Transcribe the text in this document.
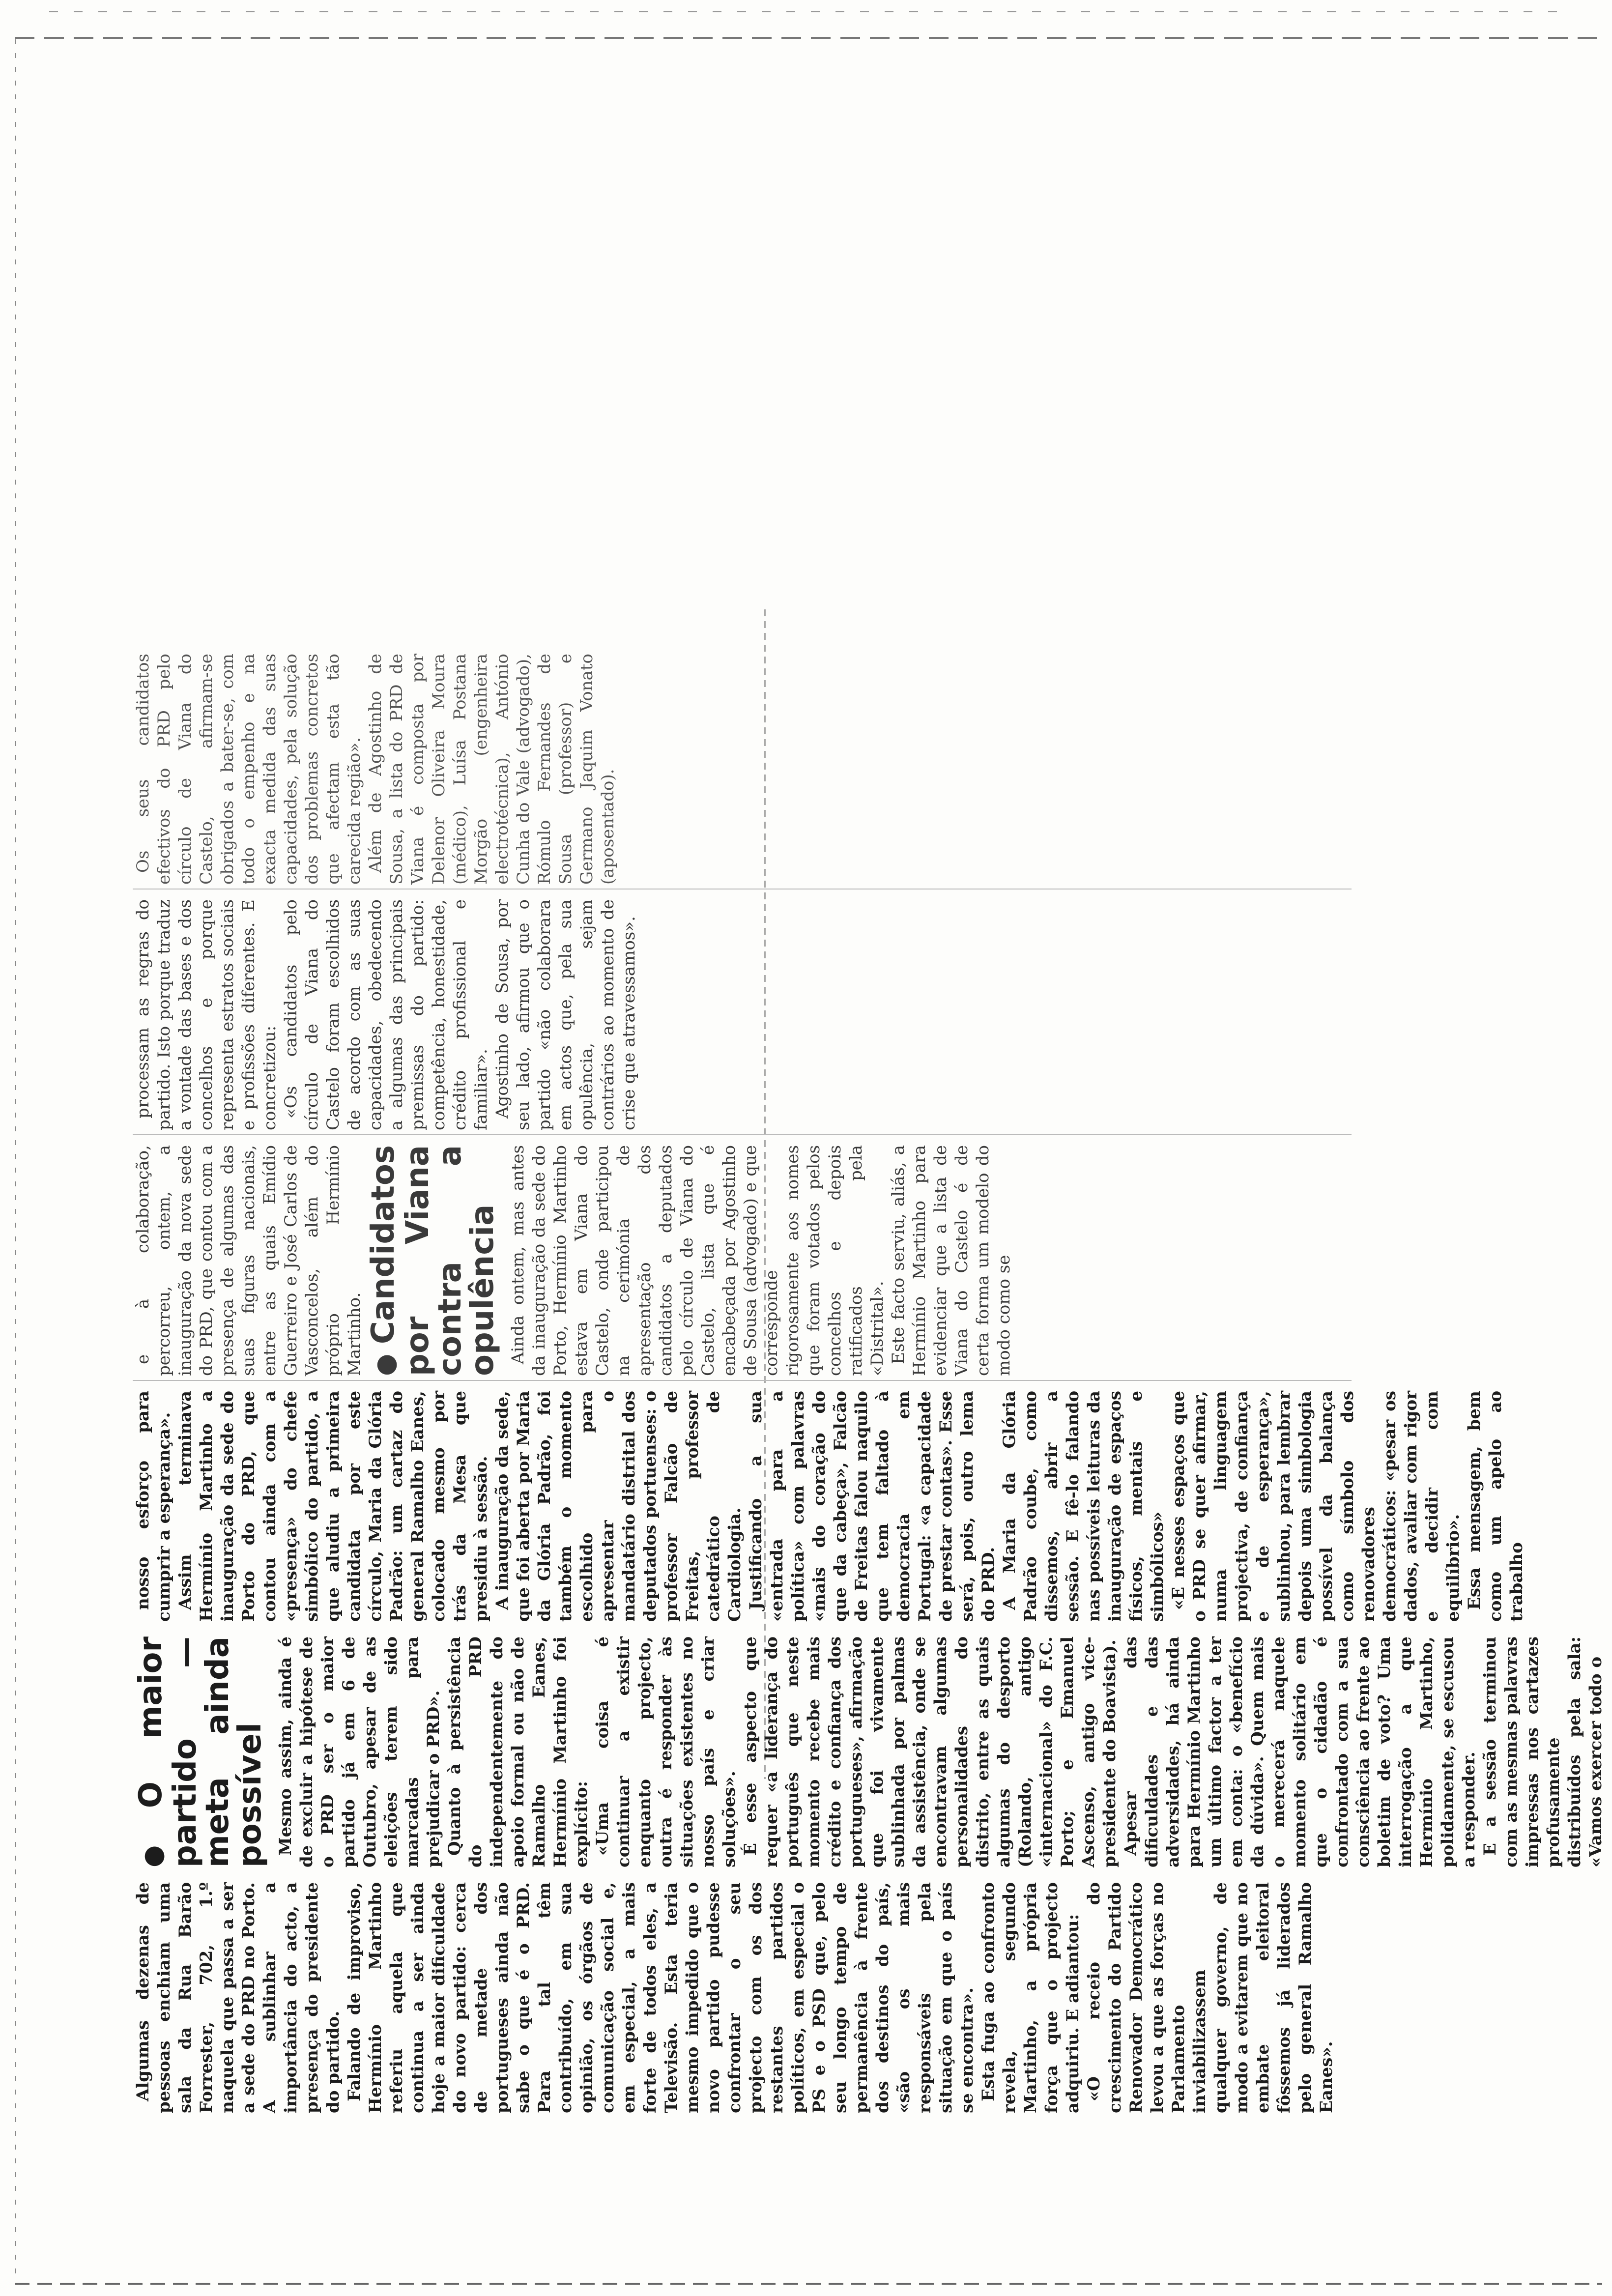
Algumas dezenas de pessoas enchiam uma sala da Rua Barão Forrester, 702, 1.º naquela que passa a ser a sede do PRD no Porto. A sublinhar a importância do acto, a presença do presidente do partido. Falando de improviso, Hermínio Martinho referiu aquela que continua a ser ainda hoje a maior dificuldade do novo partido: cerca de metade dos portugueses ainda não sabe o que é o PRD. Para tal têm contribuído, em sua opinião, os órgãos de comunicação social e, em especial, a mais forte de todos eles, a Televisão. Esta teria mesmo impedido que o novo partido pudesse confrontar o seu projecto com os dos restantes partidos políticos, em especial o PS e o PSD que, pelo seu longo tempo de permanência à frente dos destinos do país, «são os mais responsáveis pela situação em que o país se encontra». Esta fuga ao confronto revela, segundo Martinho, a própria força que o projecto adquiriu. E adiantou: «O receio do crescimento do Partido Renovador Democrático levou a que as forças no Parlamento inviabilizassem qualquer governo, de modo a evitarem que no embate eleitoral fôssemos já liderados pelo general Ramalho Eanes».

●O maior partido — meta ainda possível Mesmo assim, ainda é de excluir a hipótese de o PRD ser o maior partido já em 6 de Outubro, apesar de as eleições terem sido marcadas para prejudicar o PRD». Quanto à persistência do PRD independentemente do apoio formal ou não de Ramalho Eanes, Hermínio Martinho foi explícito: «Uma coisa é continuar a existir enquanto projecto, outra é responder às situações existentes no nosso país e criar soluções». É esse aspecto que requer «a liderança do português que neste momento recebe mais crédito e confiança dos portugueses», afirmação que foi vivamente sublinhada por palmas da assistência, onde se encontravam algumas personalidades do distrito, entre as quais algumas do desporto (Rolando, antigo «internacional» do F.C. Porto; e Emanuel Ascenso, antigo vice-presidente do Boavista). Apesar das dificuldades e das adversidades, há ainda para Hermínio Martinho um último factor a ter em conta: o «benefício da dúvida». Quem mais o merecerá naquele momento solitário em que o cidadão é confrontado com a sua consciência ao frente ao boletim de voto? Uma interrogação a que Hermínio Martinho, polidamente, se escusou a responder. E a sessão terminou com as mesmas palavras impressas nos cartazes profusamente distribuídos pela sala: «Vamos exercer todo o

nosso esforço para cumprir a esperança». Assim terminava Hermínio Martinho a inauguração da sede do Porto do PRD, que contou ainda com a «presença» do chefe simbólico do partido, a que aludiu a primeira candidata por este círculo, Maria da Glória Padrão: um cartaz do general Ramalho Eanes, colocado mesmo por trás da Mesa que presidiu à sessão. A inauguração da sede, que foi aberta por Maria da Glória Padrão, foi também o momento escolhido para apresentar o mandatário distrital dos deputados portuenses: o professor Falcão de Freitas, professor catedrático de Cardiologia. Justificando a sua «entrada para a política» com palavras «mais do coração do que da cabeça», Falcão de Freitas falou naquilo que tem faltado à democracia em Portugal: «a capacidade de prestar contas». Esse será, pois, outro lema do PRD. A Maria da Glória Padrão coube, como dissemos, abrir a sessão. E fê-lo falando nas possíveis leituras da inauguração de espaços físicos, mentais e simbólicos» «E nesses espaços que o PRD se quer afirmar, numa linguagem projectiva, de confiança e de esperança», sublinhou, para lembrar depois uma simbologia possível da balança como símbolo dos renovadores democráticos: «pesar os dados, avaliar com rigor e decidir com equilíbrio». Essa mensagem, bem como um apelo ao trabalho

e à colaboração, percorreu, ontem, a inauguração da nova sede do PRD, que contou com a presença de algumas das suas figuras nacionais, entre as quais Emídio Guerreiro e José Carlos de Vasconcelos, além do próprio Hermínio Martinho. ●Candidatos por Viana contra a opulência Ainda ontem, mas antes da inauguração da sede do Porto, Hermínio Martinho estava em Viana do Castelo, onde participou na cerimónia de apresentação dos candidatos a deputados pelo círculo de Viana do Castelo, lista que é encabeçada por Agostinho de Sousa (advogado) e que corresponde rigorosamente aos nomes que foram votados pelos concelhos e depois ratificados pela «Distrital». Este facto serviu, aliás, a Hermínio Martinho para evidenciar que a lista de Viana do Castelo é de certa forma um modelo do modo como se

processam as regras do partido. Isto porque traduz a vontade das bases e dos concelhos e porque representa estratos sociais e profissões diferentes. E concretizou: «Os candidatos pelo círculo de Viana do Castelo foram escolhidos de acordo com as suas capacidades, obedecendo a algumas das principais premissas do partido: competência, honestidade, crédito profissional e familiar». Agostinho de Sousa, por seu lado, afirmou que o partido «não colaborara em actos que, pela sua opulência, sejam contrários ao momento de crise que atravessamos».

Os seus candidatos efectivos do PRD pelo círculo de Viana do Castelo, afirmam-se obrigados a bater-se, com todo o empenho e na exacta medida das suas capacidades, pela solução dos problemas concretos que afectam esta tão carecida região». Além de Agostinho de Sousa, a lista do PRD de Viana é composta por Delenor Oliveira Moura (médico), Luísa Postana Morgão (engenheira electrotécnica), António Cunha do Vale (advogado), Rómulo Fernandes de Sousa (professor) e Germano Jaquim Vonato (aposentado).
